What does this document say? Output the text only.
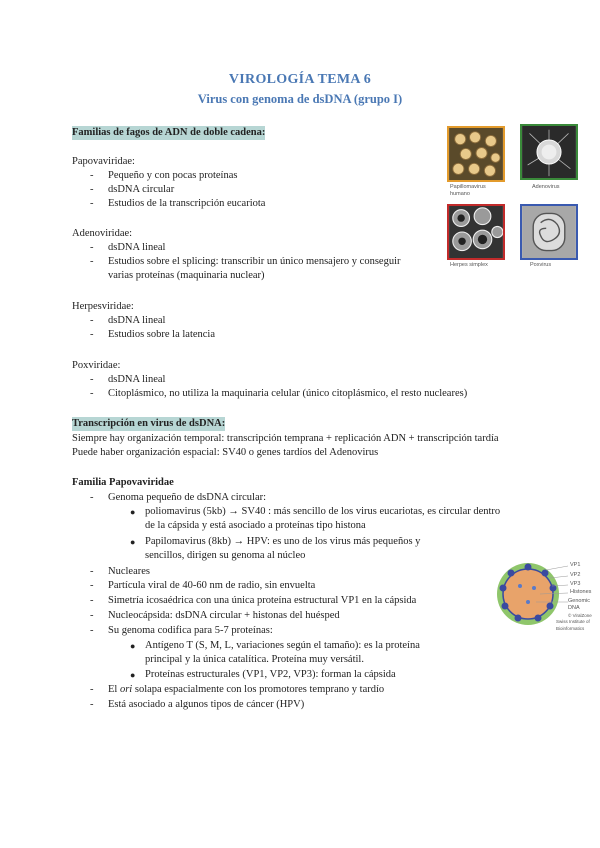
VIROLOGÍA TEMA 6
Virus con genoma de dsDNA (grupo I)
Papillomavirus
humano
Adenovirus
Herpes simplex	Poxvirus
Familias de fagos de ADN de doble cadena:
Papovaviridae:
- Pequeño y con pocas proteínas
- dsDNA circular
- Estudios de la transcripción eucariota
Adenoviridae:
- dsDNA lineal
- Estudios sobre el splicing: transcribir un único mensajero y conseguir
varias proteínas (maquinaria nuclear)
Herpesviridae:
- dsDNA lineal
- Estudios sobre la latencia
Poxviridae:
- dsDNA lineal
- Citoplásmico, no utiliza la maquinaria celular (único citoplásmico, el resto nucleares)
Transcripción en virus de dsDNA:
Siempre hay organización temporal: transcripción temprana + replicación ADN + transcripción tardía
Puede haber organización espacial: SV40 o genes tardíos del Adenovirus
Familia Papovaviridae
- Genoma pequeño de dsDNA circular:
● poliomavirus (5kb) → SV40 : más sencillo de los virus eucariotas, es circular dentro
de la cápsida y está asociado a proteínas tipo histona
● Papilomavirus (8kb) → HPV: es uno de los virus más pequeños y
sencillos, dirigen su genoma al núcleo
- Nucleares
- Partícula viral de 40-60 nm de radio, sin envuelta
- Simetría icosaédrica con una única proteína estructural VP1 en la cápsida
- Nucleocápsida: dsDNA circular + histonas del huésped
- Su genoma codifica para 5-7 proteínas:
● Antígeno T (S, M, L, variaciones según el tamaño): es la proteína
principal y la única catalítica. Proteína muy versátil.
● Proteínas estructurales (VP1, VP2, VP3): forman la cápsida
- El ori solapa espacialmente con los promotores temprano y tardío
- Está asociado a algunos tipos de cáncer (HPV)
VP1
VP2
VP3
Histones
Genomic DNA
© ViralZone
Swiss Institute of Bioinformatics
